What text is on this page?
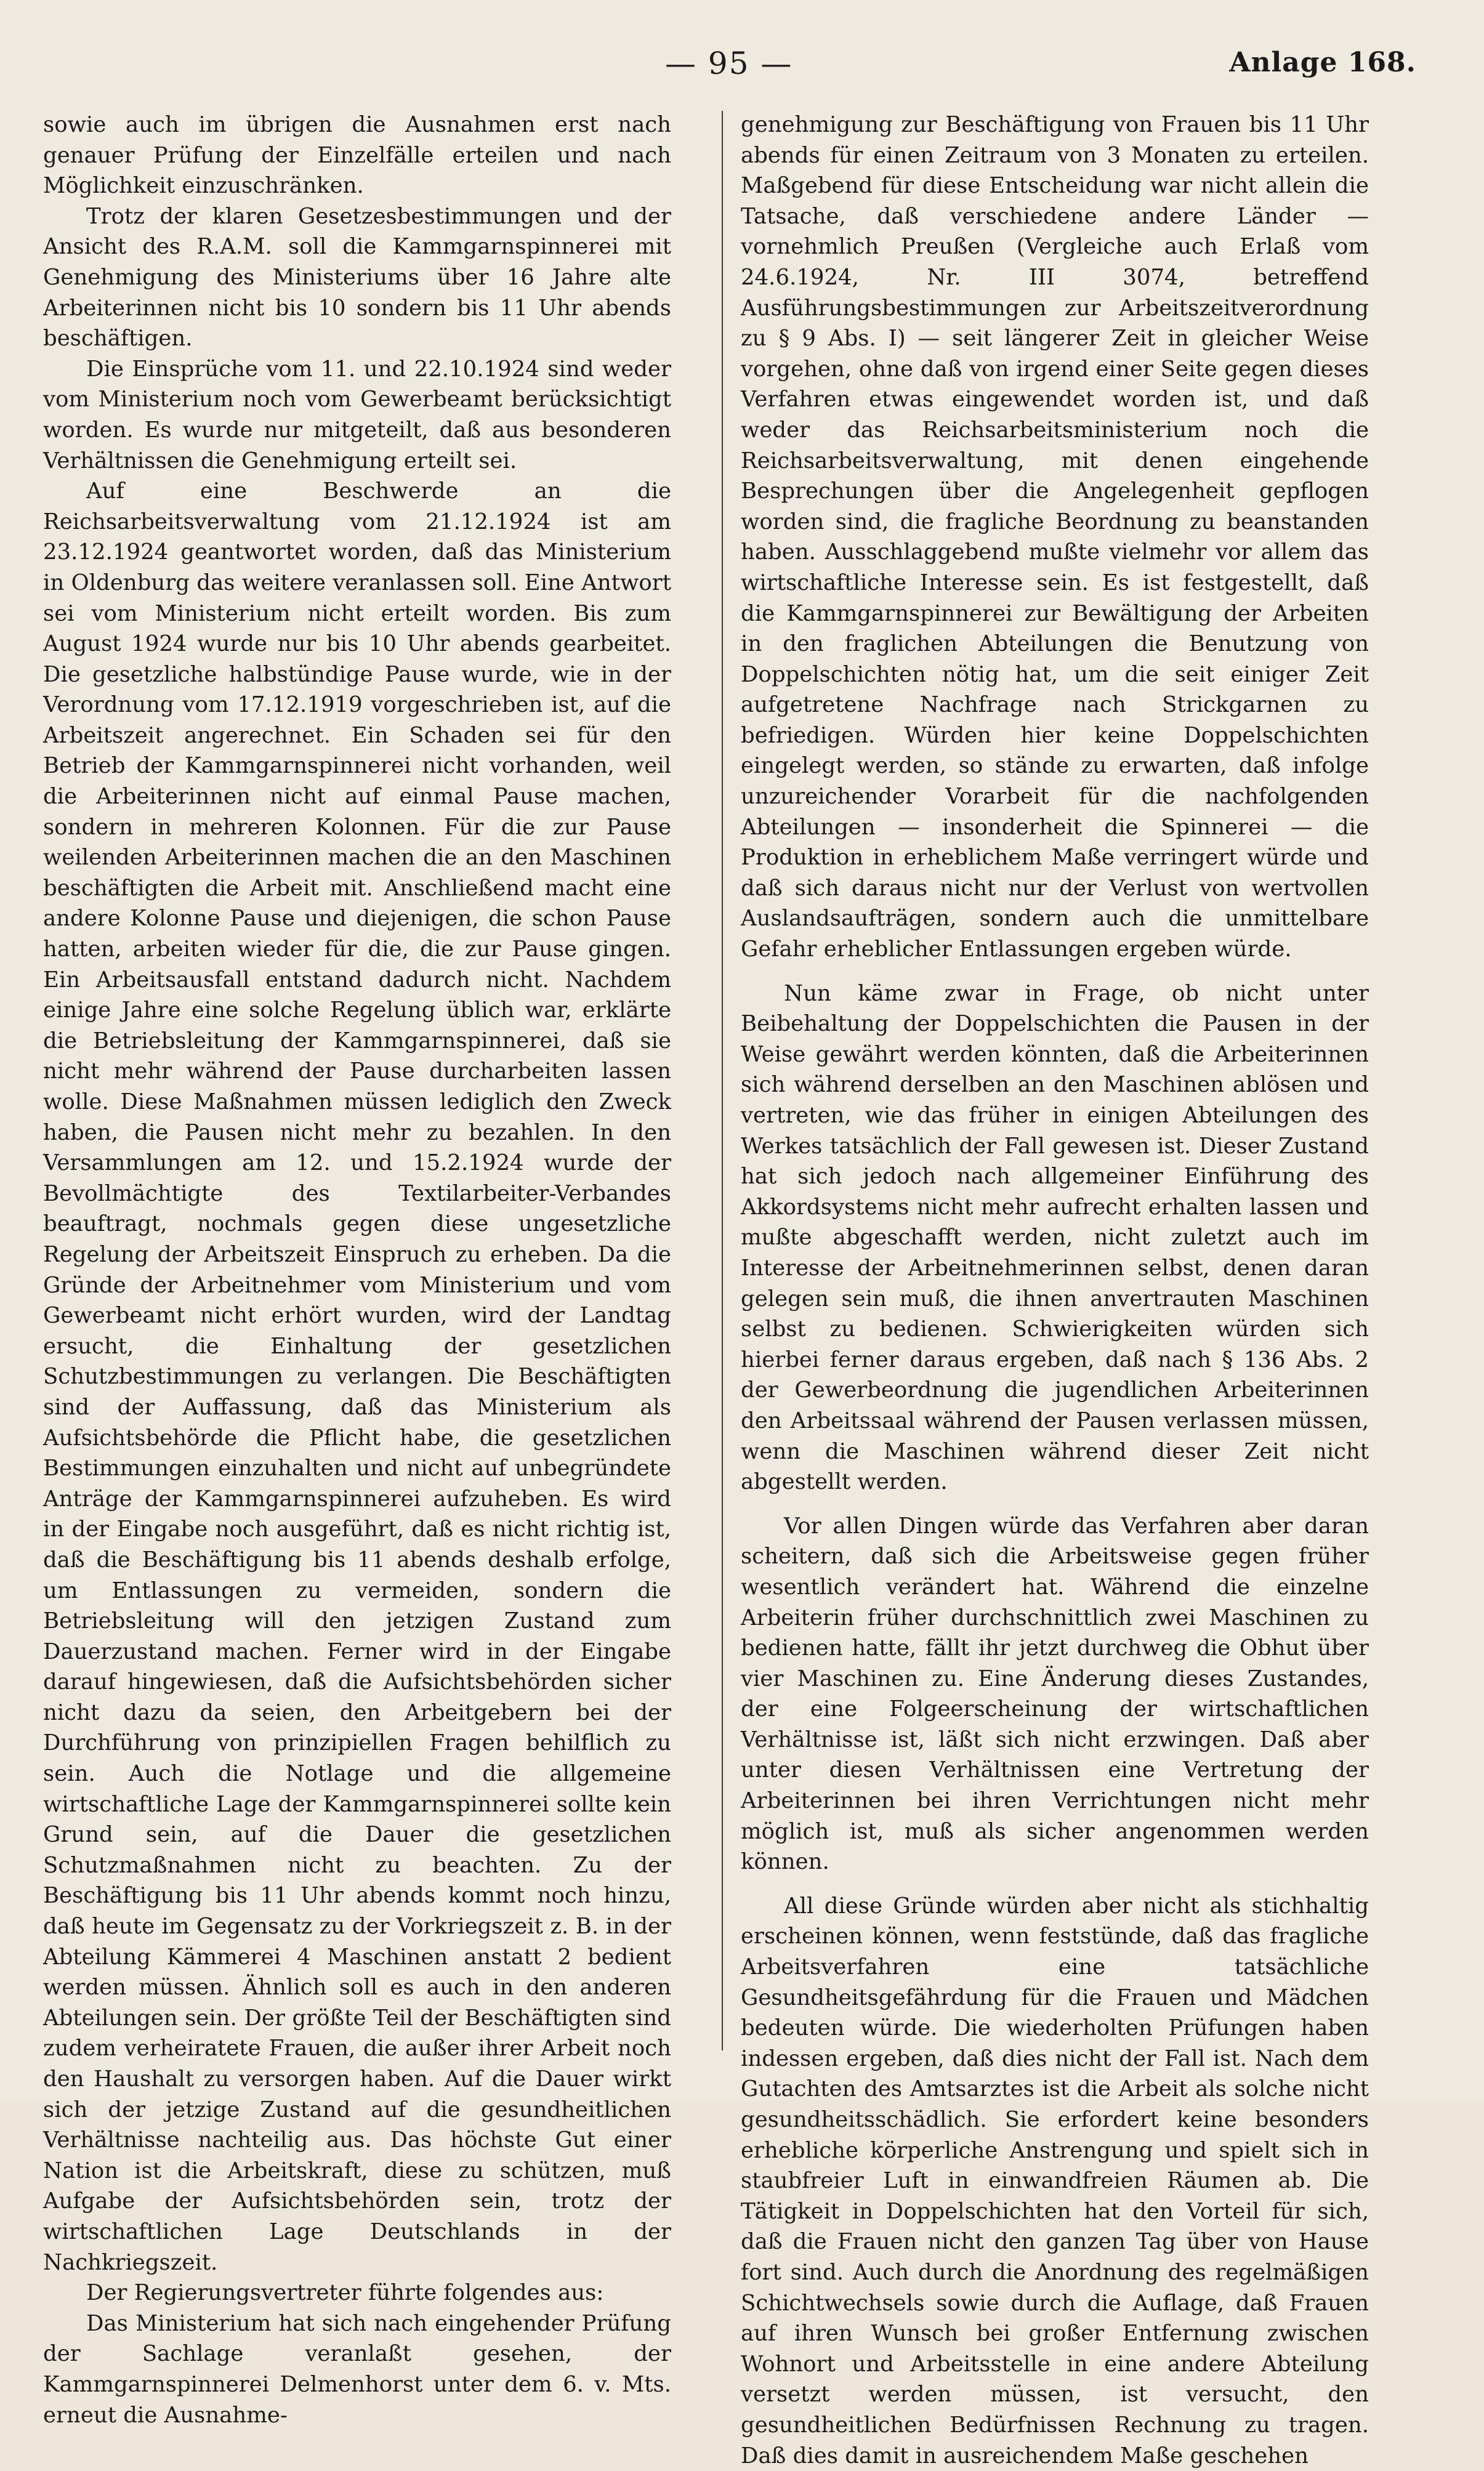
— 95 —	Anlage 168.

sowie auch im übrigen die Ausnahmen erst nach genauer Prüfung der Einzelfälle erteilen und nach Möglichkeit einzuschränken.

Trotz der klaren Gesetzesbestimmungen und der Ansicht des R.A.M. soll die Kammgarnspinnerei mit Genehmigung des Ministeriums über 16 Jahre alte Arbeiterinnen nicht bis 10 sondern bis 11 Uhr abends beschäftigen.

Die Einsprüche vom 11. und 22.10.1924 sind weder vom Ministerium noch vom Gewerbeamt berücksichtigt worden. Es wurde nur mitgeteilt, daß aus besonderen Verhältnissen die Genehmigung erteilt sei.

Auf eine Beschwerde an die Reichsarbeitsverwaltung vom 21.12.1924 ist am 23.12.1924 geantwortet worden, daß das Ministerium in Oldenburg das weitere veranlassen soll. Eine Antwort sei vom Ministerium nicht erteilt worden. Bis zum August 1924 wurde nur bis 10 Uhr abends gearbeitet. Die gesetzliche halbstündige Pause wurde, wie in der Verordnung vom 17.12.1919 vorgeschrieben ist, auf die Arbeitszeit angerechnet. Ein Schaden sei für den Betrieb der Kammgarnspinnerei nicht vorhanden, weil die Arbeiterinnen nicht auf einmal Pause machen, sondern in mehreren Kolonnen. Für die zur Pause weilenden Arbeiterinnen machen die an den Maschinen beschäftigten die Arbeit mit. Anschließend macht eine andere Kolonne Pause und diejenigen, die schon Pause hatten, arbeiten wieder für die, die zur Pause gingen. Ein Arbeitsausfall entstand dadurch nicht. Nachdem einige Jahre eine solche Regelung üblich war, erklärte die Betriebsleitung der Kammgarnspinnerei, daß sie nicht mehr während der Pause durcharbeiten lassen wolle. Diese Maßnahmen müssen lediglich den Zweck haben, die Pausen nicht mehr zu bezahlen. In den Versammlungen am 12. und 15.2.1924 wurde der Bevollmächtigte des Textilarbeiter-Verbandes beauftragt, nochmals gegen diese ungesetzliche Regelung der Arbeitszeit Einspruch zu erheben. Da die Gründe der Arbeitnehmer vom Ministerium und vom Gewerbeamt nicht erhört wurden, wird der Landtag ersucht, die Einhaltung der gesetzlichen Schutzbestimmungen zu verlangen. Die Beschäftigten sind der Auffassung, daß das Ministerium als Aufsichtsbehörde die Pflicht habe, die gesetzlichen Bestimmungen einzuhalten und nicht auf unbegründete Anträge der Kammgarnspinnerei aufzuheben. Es wird in der Eingabe noch ausgeführt, daß es nicht richtig ist, daß die Beschäftigung bis 11 abends deshalb erfolge, um Entlassungen zu vermeiden, sondern die Betriebsleitung will den jetzigen Zustand zum Dauerzustand machen. Ferner wird in der Eingabe darauf hingewiesen, daß die Aufsichtsbehörden sicher nicht dazu da seien, den Arbeitgebern bei der Durchführung von prinzipiellen Fragen behilflich zu sein. Auch die Notlage und die allgemeine wirtschaftliche Lage der Kammgarnspinnerei sollte kein Grund sein, auf die Dauer die gesetzlichen Schutzmaßnahmen nicht zu beachten. Zu der Beschäftigung bis 11 Uhr abends kommt noch hinzu, daß heute im Gegensatz zu der Vorkriegszeit z. B. in der Abteilung Kämmerei 4 Maschinen anstatt 2 bedient werden müssen. Ähnlich soll es auch in den anderen Abteilungen sein. Der größte Teil der Beschäftigten sind zudem verheiratete Frauen, die außer ihrer Arbeit noch den Haushalt zu versorgen haben. Auf die Dauer wirkt sich der jetzige Zustand auf die gesundheitlichen Verhältnisse nachteilig aus. Das höchste Gut einer Nation ist die Arbeitskraft, diese zu schützen, muß Aufgabe der Aufsichtsbehörden sein, trotz der wirtschaftlichen Lage Deutschlands in der Nachkriegszeit.

Der Regierungsvertreter führte folgendes aus:

Das Ministerium hat sich nach eingehender Prüfung der Sachlage veranlaßt gesehen, der Kammgarnspinnerei Delmenhorst unter dem 6. v. Mts. erneut die Ausnahme-

genehmigung zur Beschäftigung von Frauen bis 11 Uhr abends für einen Zeitraum von 3 Monaten zu erteilen. Maßgebend für diese Entscheidung war nicht allein die Tatsache, daß verschiedene andere Länder — vornehmlich Preußen (Vergleiche auch Erlaß vom 24.6.1924, Nr. III 3074, betreffend Ausführungsbestimmungen zur Arbeitszeitverordnung zu § 9 Abs. I) — seit längerer Zeit in gleicher Weise vorgehen, ohne daß von irgend einer Seite gegen dieses Verfahren etwas eingewendet worden ist, und daß weder das Reichsarbeitsministerium noch die Reichsarbeitsverwaltung, mit denen eingehende Besprechungen über die Angelegenheit gepflogen worden sind, die fragliche Beordnung zu beanstanden haben. Ausschlaggebend mußte vielmehr vor allem das wirtschaftliche Interesse sein. Es ist festgestellt, daß die Kammgarnspinnerei zur Bewältigung der Arbeiten in den fraglichen Abteilungen die Benutzung von Doppelschichten nötig hat, um die seit einiger Zeit aufgetretene Nachfrage nach Strickgarnen zu befriedigen. Würden hier keine Doppelschichten eingelegt werden, so stände zu erwarten, daß infolge unzureichender Vorarbeit für die nachfolgenden Abteilungen — insonderheit die Spinnerei — die Produktion in erheblichem Maße verringert würde und daß sich daraus nicht nur der Verlust von wertvollen Auslandsaufträgen, sondern auch die unmittelbare Gefahr erheblicher Entlassungen ergeben würde.

Nun käme zwar in Frage, ob nicht unter Beibehaltung der Doppelschichten die Pausen in der Weise gewährt werden könnten, daß die Arbeiterinnen sich während derselben an den Maschinen ablösen und vertreten, wie das früher in einigen Abteilungen des Werkes tatsächlich der Fall gewesen ist. Dieser Zustand hat sich jedoch nach allgemeiner Einführung des Akkordsystems nicht mehr aufrecht erhalten lassen und mußte abgeschafft werden, nicht zuletzt auch im Interesse der Arbeitnehmerinnen selbst, denen daran gelegen sein muß, die ihnen anvertrauten Maschinen selbst zu bedienen. Schwierigkeiten würden sich hierbei ferner daraus ergeben, daß nach § 136 Abs. 2 der Gewerbeordnung die jugendlichen Arbeiterinnen den Arbeitssaal während der Pausen verlassen müssen, wenn die Maschinen während dieser Zeit nicht abgestellt werden.

Vor allen Dingen würde das Verfahren aber daran scheitern, daß sich die Arbeitsweise gegen früher wesentlich verändert hat. Während die einzelne Arbeiterin früher durchschnittlich zwei Maschinen zu bedienen hatte, fällt ihr jetzt durchweg die Obhut über vier Maschinen zu. Eine Änderung dieses Zustandes, der eine Folgeerscheinung der wirtschaftlichen Verhältnisse ist, läßt sich nicht erzwingen. Daß aber unter diesen Verhältnissen eine Vertretung der Arbeiterinnen bei ihren Verrichtungen nicht mehr möglich ist, muß als sicher angenommen werden können.

All diese Gründe würden aber nicht als stichhaltig erscheinen können, wenn feststünde, daß das fragliche Arbeitsverfahren eine tatsächliche Gesundheitsgefährdung für die Frauen und Mädchen bedeuten würde. Die wiederholten Prüfungen haben indessen ergeben, daß dies nicht der Fall ist. Nach dem Gutachten des Amtsarztes ist die Arbeit als solche nicht gesundheitsschädlich. Sie erfordert keine besonders erhebliche körperliche Anstrengung und spielt sich in staubfreier Luft in einwandfreien Räumen ab. Die Tätigkeit in Doppelschichten hat den Vorteil für sich, daß die Frauen nicht den ganzen Tag über von Hause fort sind. Auch durch die Anordnung des regelmäßigen Schichtwechsels sowie durch die Auflage, daß Frauen auf ihren Wunsch bei großer Entfernung zwischen Wohnort und Arbeitsstelle in eine andere Abteilung versetzt werden müssen, ist versucht, den gesundheitlichen Bedürfnissen Rechnung zu tragen. Daß dies damit in ausreichendem Maße geschehen
